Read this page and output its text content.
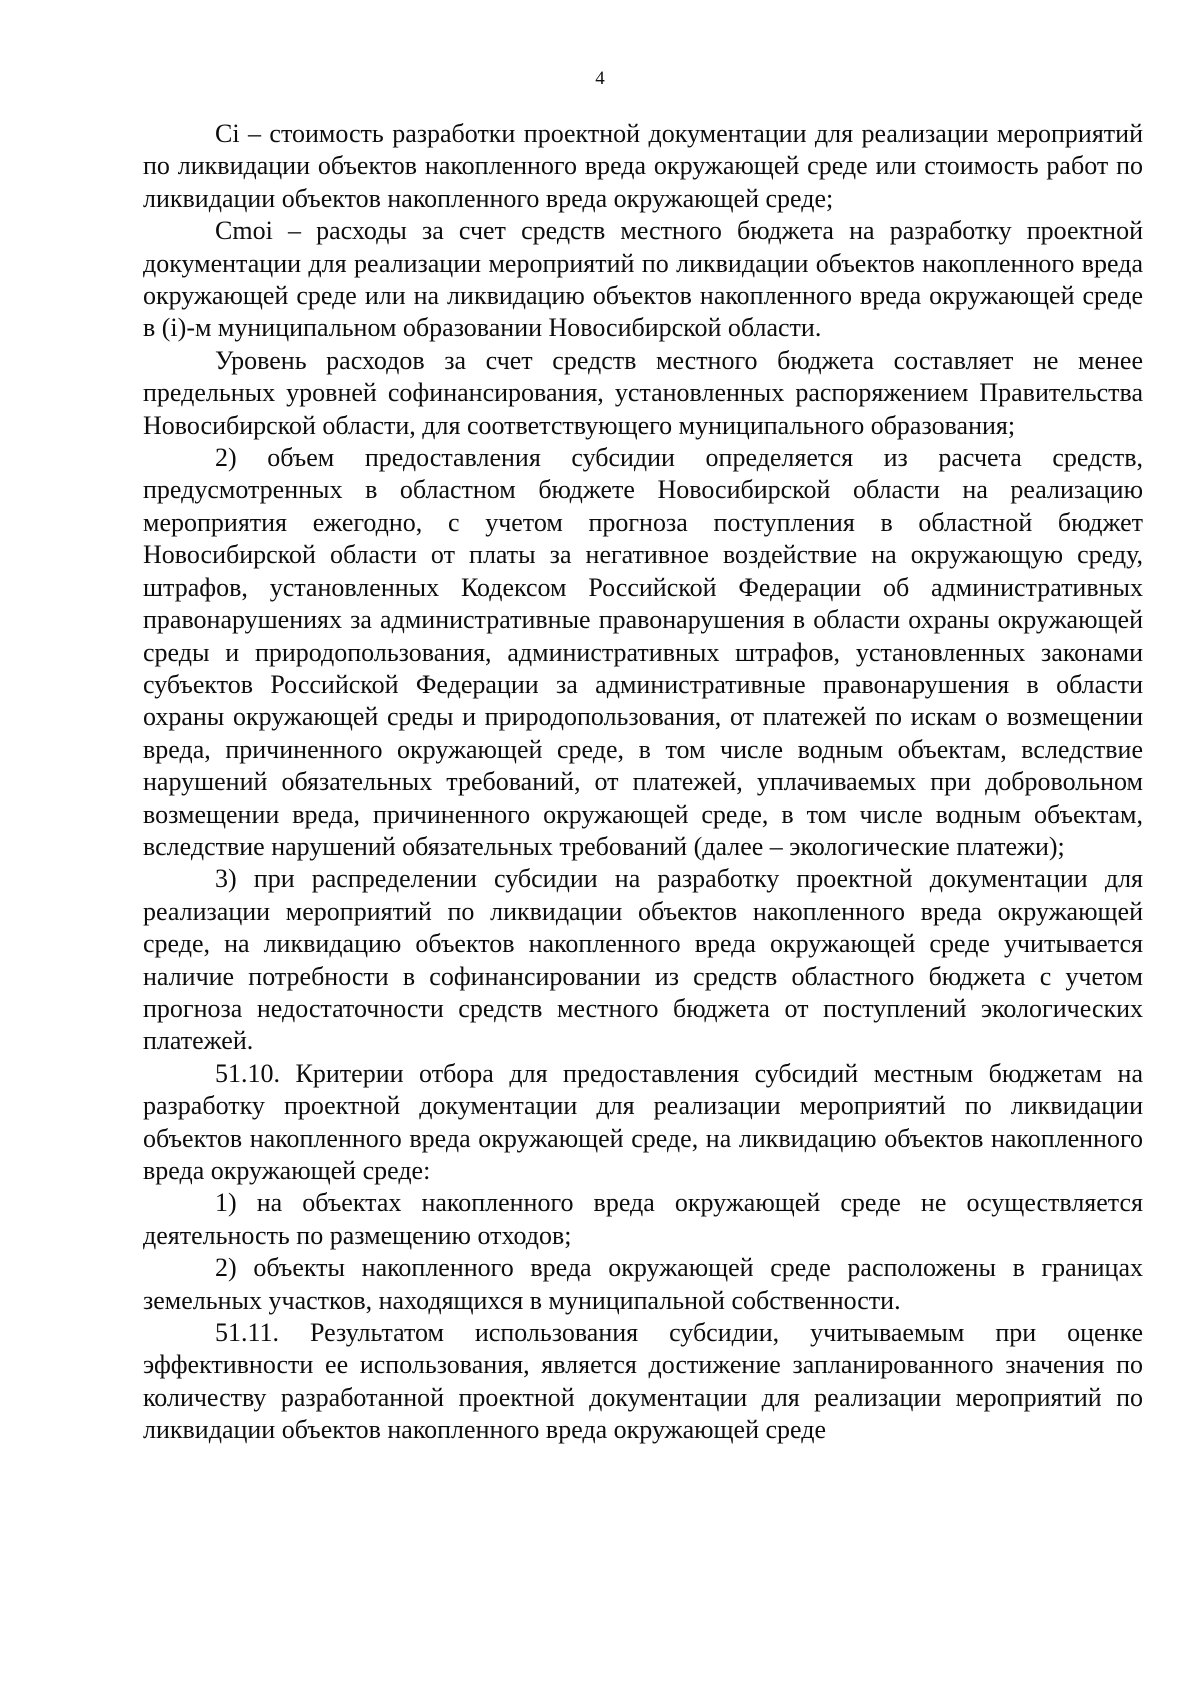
4

Ci – стоимость разработки проектной документации для реализации мероприятий по ликвидации объектов накопленного вреда окружающей среде или стоимость работ по ликвидации объектов накопленного вреда окружающей среде;

Cmoi – расходы за счет средств местного бюджета на разработку проектной документации для реализации мероприятий по ликвидации объектов накопленного вреда окружающей среде или на ликвидацию объектов накопленного вреда окружающей среде в (i)-м муниципальном образовании Новосибирской области.

Уровень расходов за счет средств местного бюджета составляет не менее предельных уровней софинансирования, установленных распоряжением Правительства Новосибирской области, для соответствующего муниципального образования;

2) объем предоставления субсидии определяется из расчета средств, предусмотренных в областном бюджете Новосибирской области на реализацию мероприятия ежегодно, с учетом прогноза поступления в областной бюджет Новосибирской области от платы за негативное воздействие на окружающую среду, штрафов, установленных Кодексом Российской Федерации об административных правонарушениях за административные правонарушения в области охраны окружающей среды и природопользования, административных штрафов, установленных законами субъектов Российской Федерации за административные правонарушения в области охраны окружающей среды и природопользования, от платежей по искам о возмещении вреда, причиненного окружающей среде, в том числе водным объектам, вследствие нарушений обязательных требований, от платежей, уплачиваемых при добровольном возмещении вреда, причиненного окружающей среде, в том числе водным объектам, вследствие нарушений обязательных требований (далее – экологические платежи);

3) при распределении субсидии на разработку проектной документации для реализации мероприятий по ликвидации объектов накопленного вреда окружающей среде, на ликвидацию объектов накопленного вреда окружающей среде учитывается наличие потребности в софинансировании из средств областного бюджета с учетом прогноза недостаточности средств местного бюджета от поступлений экологических платежей.

51.10. Критерии отбора для предоставления субсидий местным бюджетам на разработку проектной документации для реализации мероприятий по ликвидации объектов накопленного вреда окружающей среде, на ликвидацию объектов накопленного вреда окружающей среде:

1) на объектах накопленного вреда окружающей среде не осуществляется деятельность по размещению отходов;

2) объекты накопленного вреда окружающей среде расположены в границах земельных участков, находящихся в муниципальной собственности.

51.11. Результатом использования субсидии, учитываемым при оценке эффективности ее использования, является достижение запланированного значения по количеству разработанной проектной документации для реализации мероприятий по ликвидации объектов накопленного вреда окружающей среде
